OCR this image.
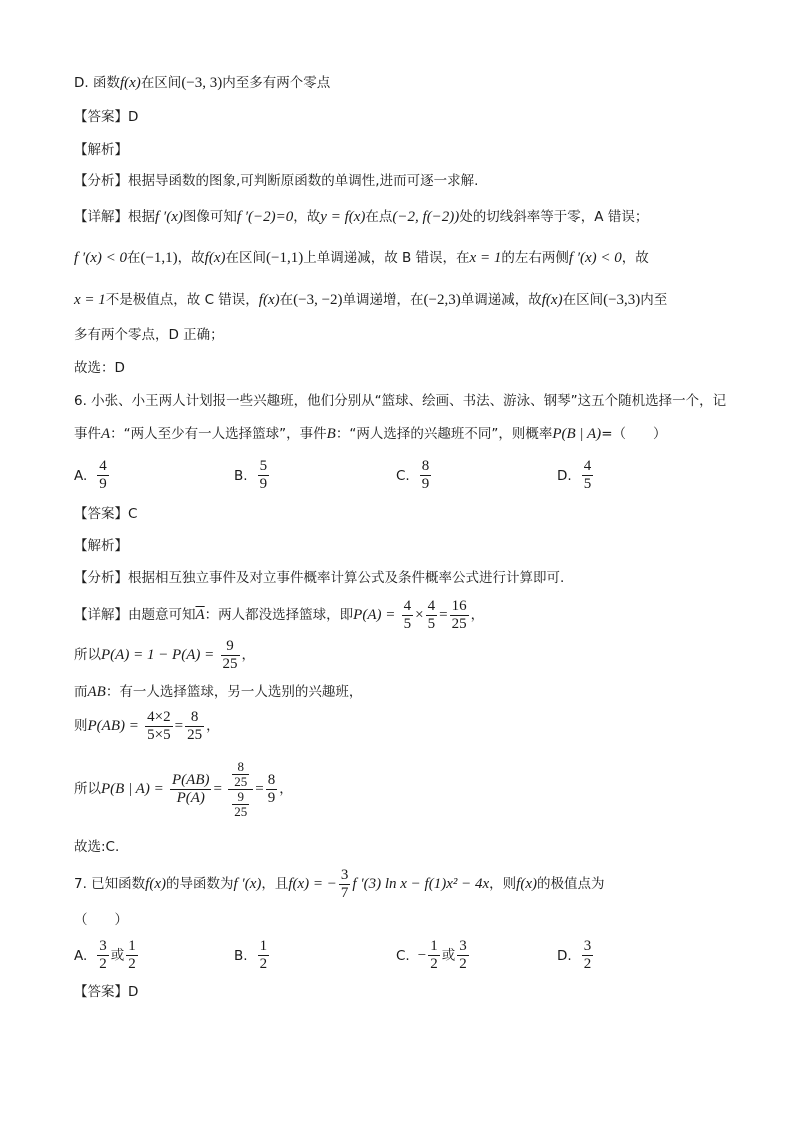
D. 函数f(x)在区间(−3, 3)内至多有两个零点
【答案】D
【解析】
【分析】根据导函数的图象,可判断原函数的单调性,进而可逐一求解.
【详解】根据f ′(x)图像可知f ′(−2)=0，故y = f(x)在点(−2, f(−2))处的切线斜率等于零，A 错误；
f ′(x) < 0在(−1,1)，故f(x)在区间(−1,1)上单调递减，故 B 错误，在x = 1的左右两侧f ′(x) < 0，故
x = 1不是极值点，故 C 错误，f(x)在(−3, −2)单调递增，在(−2,3)单调递减，故f(x)在区间(−3,3)内至
多有两个零点，D 正确；
故选：D
6. 小张、小王两人计划报一些兴趣班，他们分别从“篮球、绘画、书法、游泳、钢琴”这五个随机选择一个，记
事件A：“两人至少有一人选择篮球”，事件B：“两人选择的兴趣班不同”，则概率P(B | A)=（　　）
A. $\frac{4}{9}$	B. $\frac{5}{9}$	C. $\frac{8}{9}$	D. $\frac{4}{5}$
【答案】C
【解析】
【分析】根据相互独立事件及对立事件概率计算公式及条件概率公式进行计算即可.
【详解】由题意可知$\overline{A}$：两人都没选择篮球，即$P(A) = \frac{4}{5} \times \frac{4}{5} = \frac{16}{25}$ ，
所以$P(A) = 1 - P(A) = \frac{9}{25}$ ，
而AB：有一人选择篮球，另一人选别的兴趣班，
则$P(AB) = \frac{4\times 2}{5\times 5} = \frac{8}{25}$ ，
所以P(B | $A) = \frac{P(AB)}{P(A)} = \frac{\frac{8}{25}}{\frac{9}{25}} = \frac{8}{9}$ ，
故选:C.
7. 已知函数f(x)的导函数为f ′(x)，且f(x) = − $\frac{3}{7}$ f ′(3) ln x − f(1)x² − 4x，则f(x)的极值点为
（　　）
A. $\frac{3}{2}$ 或 $\frac{1}{2}$	B. $\frac{1}{2}$	C. − $\frac{1}{2}$ 或 $\frac{3}{2}$	D. $\frac{3}{2}$
【答案】D
